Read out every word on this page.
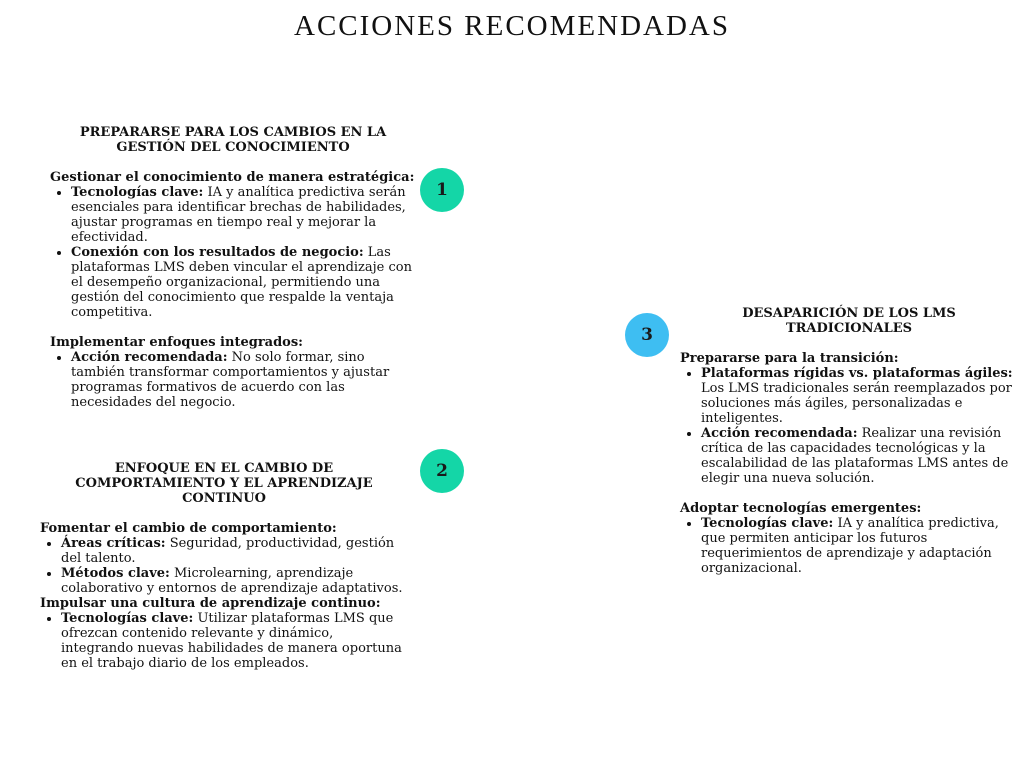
ACCIONES RECOMENDADAS
PREPARARSE PARA LOS CAMBIOS EN LA GESTIÓN DEL CONOCIMIENTO
Gestionar el conocimiento de manera estratégica:
• Tecnologías clave: IA y analítica predictiva serán esenciales para identificar brechas de habilidades, ajustar programas en tiempo real y mejorar la efectividad.
• Conexión con los resultados de negocio: Las plataformas LMS deben vincular el aprendizaje con el desempeño organizacional, permitiendo una gestión del conocimiento que respalde la ventaja competitiva.
Implementar enfoques integrados:
• Acción recomendada: No solo formar, sino también transformar comportamientos y ajustar programas formativos de acuerdo con las necesidades del negocio.
ENFOQUE EN EL CAMBIO DE COMPORTAMIENTO Y EL APRENDIZAJE CONTINUO
Fomentar el cambio de comportamiento:
• Áreas críticas: Seguridad, productividad, gestión del talento.
• Métodos clave: Microlearning, aprendizaje colaborativo y entornos de aprendizaje adaptativos.
Impulsar una cultura de aprendizaje continuo:
• Tecnologías clave: Utilizar plataformas LMS que ofrezcan contenido relevante y dinámico, integrando nuevas habilidades de manera oportuna en el trabajo diario de los empleados.
DESAPARICIÓN DE LOS LMS TRADICIONALES
Prepararse para la transición:
• Plataformas rígidas vs. plataformas ágiles: Los LMS tradicionales serán reemplazados por soluciones más ágiles, personalizadas e inteligentes.
• Acción recomendada: Realizar una revisión crítica de las capacidades tecnológicas y la escalabilidad de las plataformas LMS antes de elegir una nueva solución.
Adoptar tecnologías emergentes:
• Tecnologías clave: IA y analítica predictiva, que permiten anticipar los futuros requerimientos de aprendizaje y adaptación organizacional.
1
2
3
